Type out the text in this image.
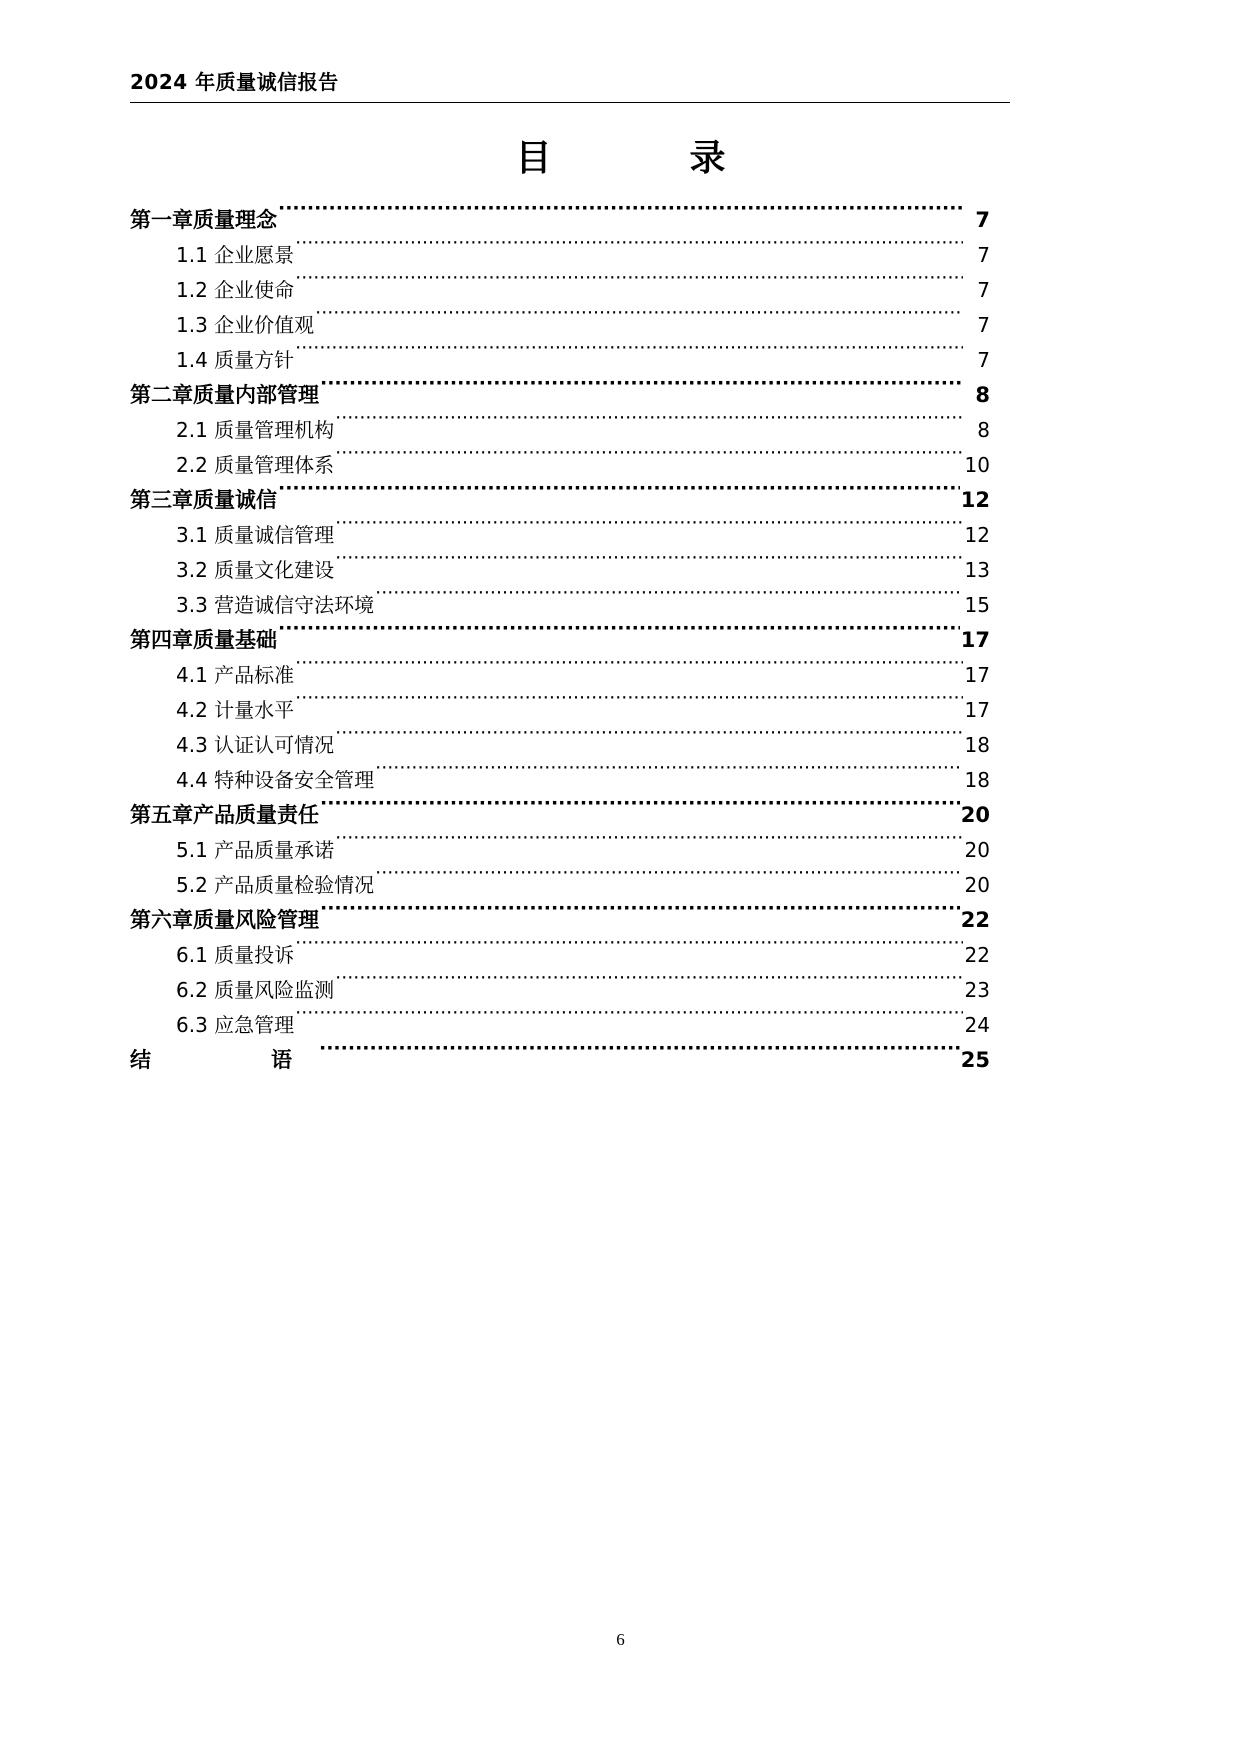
2024 年质量诚信报告
目　　录
第一章质量理念 ·····	7
1.1 企业愿景 ·····	7
1.2 企业使命 ·····	7
1.3 企业价值观 ·····	7
1.4 质量方针 ·····	7
第二章质量内部管理 ·····	8
2.1 质量管理机构 ·····	8
2.2 质量管理体系 ·····	10
第三章质量诚信 ·····	12
3.1 质量诚信管理 ·····	12
3.2 质量文化建设 ·····	13
3.3 营造诚信守法环境 ·····	15
第四章质量基础 ·····	17
4.1 产品标准 ·····	17
4.2 计量水平 ·····	17
4.3 认证认可情况 ·····	18
4.4 特种设备安全管理 ·····	18
第五章产品质量责任 ·····	20
5.1 产品质量承诺 ·····	20
5.2 产品质量检验情况 ·····	20
第六章质量风险管理 ·····	22
6.1 质量投诉 ·····	22
6.2 质量风险监测 ·····	23
6.3 应急管理 ·····	24
结　　语 ·····	25
6
